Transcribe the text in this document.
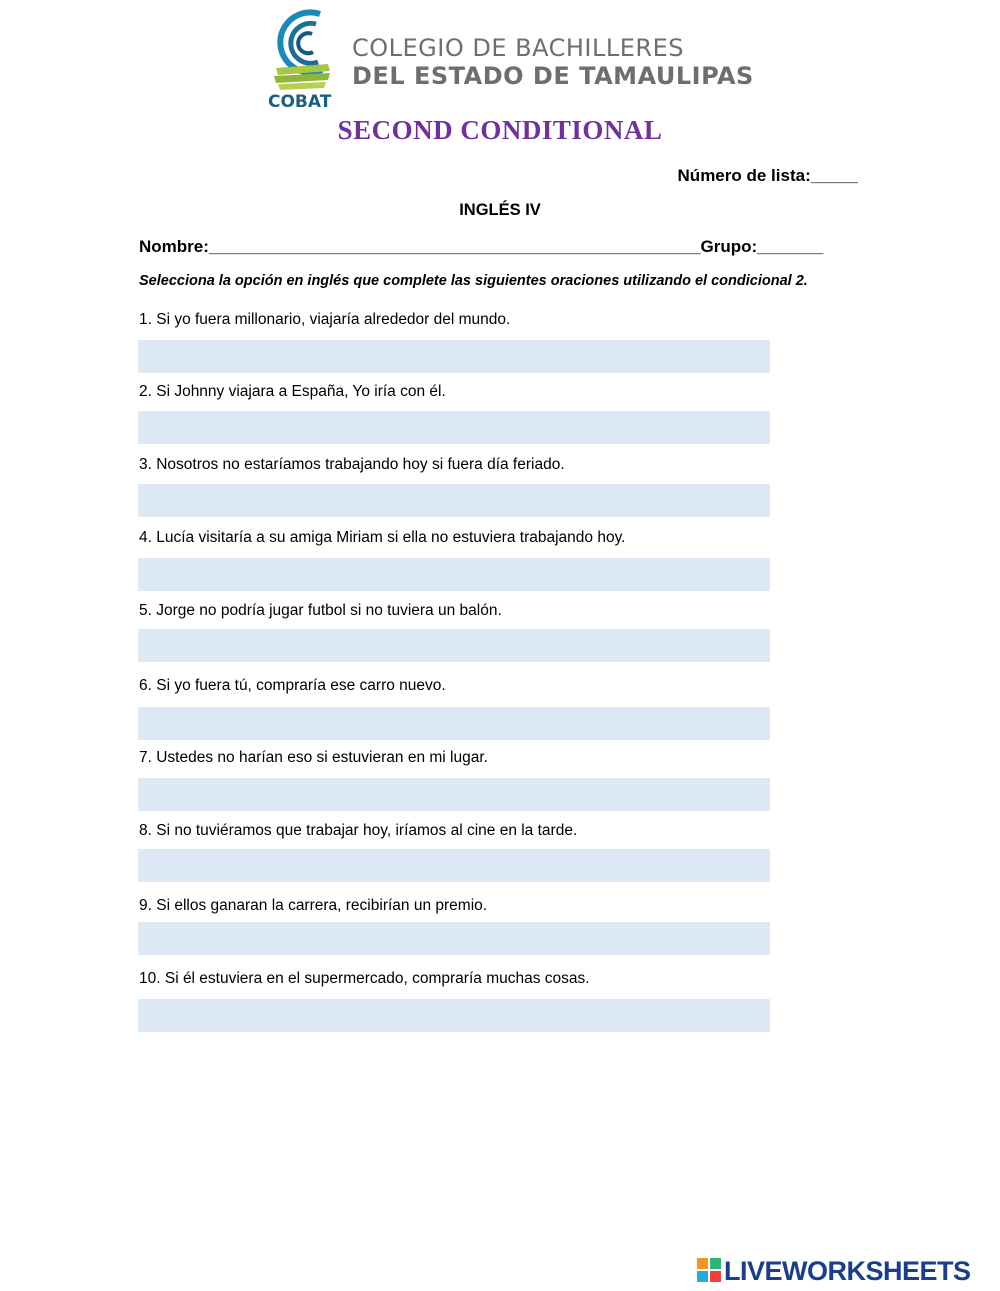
COLEGIO DE BACHILLERES
DEL ESTADO DE TAMAULIPAS
COBAT
SECOND CONDITIONAL
Número de lista:_____
INGLÉS IV
Nombre:____________________________________________________Grupo:_______
Selecciona la opción en inglés que complete las siguientes oraciones utilizando el condicional 2.
1. Si yo fuera millonario, viajaría alrededor del mundo.
2. Si Johnny viajara a España, Yo iría con él.
3. Nosotros no estaríamos trabajando hoy si fuera día feriado.
4. Lucía visitaría a su amiga Miriam si ella no estuviera trabajando hoy.
5. Jorge no podría jugar futbol si no tuviera un balón.
6. Si yo fuera tú, compraría ese carro nuevo.
7. Ustedes no harían eso si estuvieran en mi lugar.
8. Si no tuviéramos que trabajar hoy, iríamos al cine en la tarde.
9. Si ellos ganaran la carrera, recibirían un premio.
10. Si él estuviera en el supermercado, compraría muchas cosas.
LIVEWORKSHEETS
